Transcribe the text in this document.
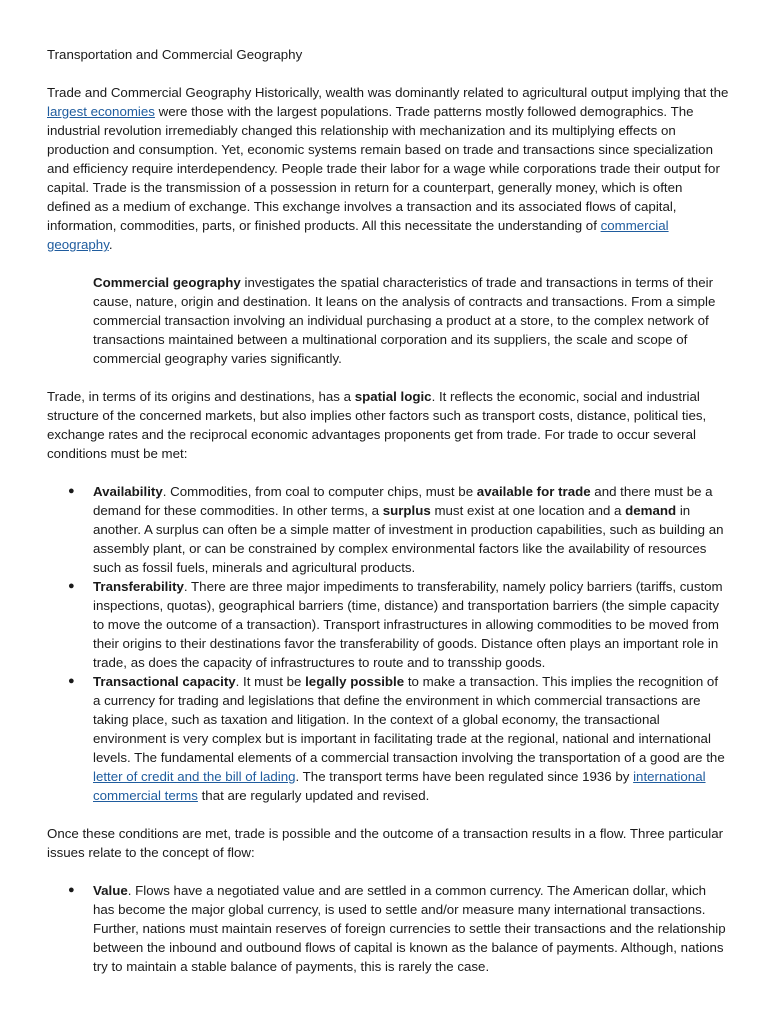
Transportation and Commercial Geography

Trade and Commercial Geography Historically, wealth was dominantly related to agricultural output implying that the largest economies were those with the largest populations. Trade patterns mostly followed demographics. The industrial revolution irremediably changed this relationship with mechanization and its multiplying effects on production and consumption. Yet, economic systems remain based on trade and transactions since specialization and efficiency require interdependency. People trade their labor for a wage while corporations trade their output for capital. Trade is the transmission of a possession in return for a counterpart, generally money, which is often defined as a medium of exchange. This exchange involves a transaction and its associated flows of capital, information, commodities, parts, or finished products. All this necessitate the understanding of commercial geography.

Commercial geography investigates the spatial characteristics of trade and transactions in terms of their cause, nature, origin and destination. It leans on the analysis of contracts and transactions. From a simple commercial transaction involving an individual purchasing a product at a store, to the complex network of transactions maintained between a multinational corporation and its suppliers, the scale and scope of commercial geography varies significantly.

Trade, in terms of its origins and destinations, has a spatial logic. It reflects the economic, social and industrial structure of the concerned markets, but also implies other factors such as transport costs, distance, political ties, exchange rates and the reciprocal economic advantages proponents get from trade. For trade to occur several conditions must be met:

● Availability. Commodities, from coal to computer chips, must be available for trade and there must be a demand for these commodities. In other terms, a surplus must exist at one location and a demand in another. A surplus can often be a simple matter of investment in production capabilities, such as building an assembly plant, or can be constrained by complex environmental factors like the availability of resources such as fossil fuels, minerals and agricultural products.
● Transferability. There are three major impediments to transferability, namely policy barriers (tariffs, custom inspections, quotas), geographical barriers (time, distance) and transportation barriers (the simple capacity to move the outcome of a transaction). Transport infrastructures in allowing commodities to be moved from their origins to their destinations favor the transferability of goods. Distance often plays an important role in trade, as does the capacity of infrastructures to route and to transship goods.
● Transactional capacity. It must be legally possible to make a transaction. This implies the recognition of a currency for trading and legislations that define the environment in which commercial transactions are taking place, such as taxation and litigation. In the context of a global economy, the transactional environment is very complex but is important in facilitating trade at the regional, national and international levels. The fundamental elements of a commercial transaction involving the transportation of a good are the letter of credit and the bill of lading. The transport terms have been regulated since 1936 by international commercial terms that are regularly updated and revised.

Once these conditions are met, trade is possible and the outcome of a transaction results in a flow. Three particular issues relate to the concept of flow:

● Value. Flows have a negotiated value and are settled in a common currency. The American dollar, which has become the major global currency, is used to settle and/or measure many international transactions. Further, nations must maintain reserves of foreign currencies to settle their transactions and the relationship between the inbound and outbound flows of capital is known as the balance of payments. Although, nations try to maintain a stable balance of payments, this is rarely the case.
